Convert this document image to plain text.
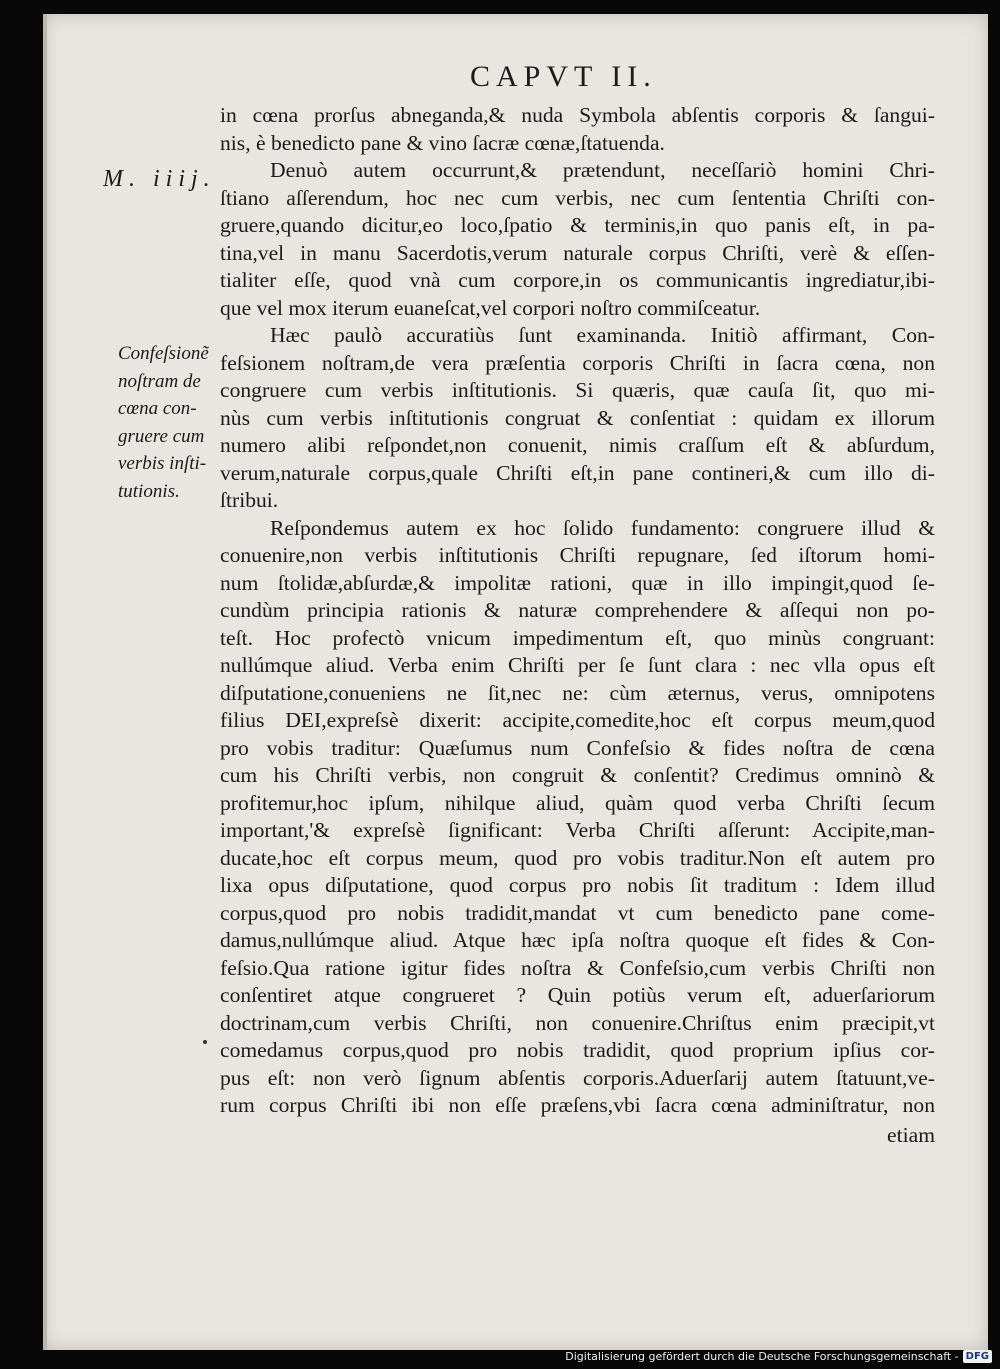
CAPVT II.
M. iiij.
Confeſsionẽ
noſtram de
cœna con-
gruere cum
verbis inſti-
tutionis.
in cœna prorſus abneganda,& nuda Symbola abſentis corporis & ſangui-
nis, è benedicto pane & vino ſacræ cœnæ,ſtatuenda.
Denuò autem occurrunt,& prætendunt, neceſſariò homini Chri-
ſtiano aſſerendum, hoc nec cum verbis, nec cum ſententia Chriſti con-
gruere,quando dicitur,eo loco,ſpatio & terminis,in quo panis eſt, in pa-
tina,vel in manu Sacerdotis,verum naturale corpus Chriſti, verè & eſſen-
tialiter eſſe, quod vnà cum corpore,in os communicantis ingrediatur,ibi-
que vel mox iterum euaneſcat,vel corpori noſtro commiſceatur.
Hæc paulò accuratiùs ſunt examinanda. Initiò affirmant, Con-
feſsionem noſtram,de vera præſentia corporis Chriſti in ſacra cœna, non
congruere cum verbis inſtitutionis. Si quæris, quæ cauſa ſit, quo mi-
nùs cum verbis inſtitutionis congruat & conſentiat : quidam ex illorum
numero alibi reſpondet,non conuenit, nimis craſſum eſt & abſurdum,
verum,naturale corpus,quale Chriſti eſt,in pane contineri,& cum illo di-
ſtribui.
Reſpondemus autem ex hoc ſolido fundamento: congruere illud &
conuenire,non verbis inſtitutionis Chriſti repugnare, ſed iſtorum homi-
num ſtolidæ,abſurdæ,& impolitæ rationi, quæ in illo impingit,quod ſe-
cundùm principia rationis & naturæ comprehendere & aſſequi non po-
teſt. Hoc profectò vnicum impedimentum eſt, quo minùs congruant:
nullúmque aliud. Verba enim Chriſti per ſe ſunt clara : nec vlla opus eſt
diſputatione,conueniens ne ſit,nec ne: cùm æternus, verus, omnipotens
filius DEI,expreſsè dixerit: accipite,comedite,hoc eſt corpus meum,quod
pro vobis traditur: Quæſumus num Confeſsio & fides noſtra de cœna
cum his Chriſti verbis, non congruit & conſentit? Credimus omninò &
profitemur,hoc ipſum, nihilque aliud, quàm quod verba Chriſti ſecum
important,'& expreſsè ſignificant: Verba Chriſti aſſerunt: Accipite,man-
ducate,hoc eſt corpus meum, quod pro vobis traditur.Non eſt autem pro
lixa opus diſputatione, quod corpus pro nobis ſit traditum : Idem illud
corpus,quod pro nobis tradidit,mandat vt cum benedicto pane come-
damus,nullúmque aliud. Atque hæc ipſa noſtra quoque eſt fides & Con-
feſsio.Qua ratione igitur fides noſtra & Confeſsio,cum verbis Chriſti non
conſentiret atque congrueret ? Quin potiùs verum eſt, aduerſariorum
doctrinam,cum verbis Chriſti, non conuenire.Chriſtus enim præcipit,vt
comedamus corpus,quod pro nobis tradidit, quod proprium ipſius cor-
pus eſt: non verò ſignum abſentis corporis.Aduerſarij autem ſtatuunt,ve-
rum corpus Chriſti ibi non eſſe præſens,vbi ſacra cœna adminiſtratur, non
etiam
Digitalisierung gefördert durch die Deutsche Forschungsgemeinschaft - DFG
